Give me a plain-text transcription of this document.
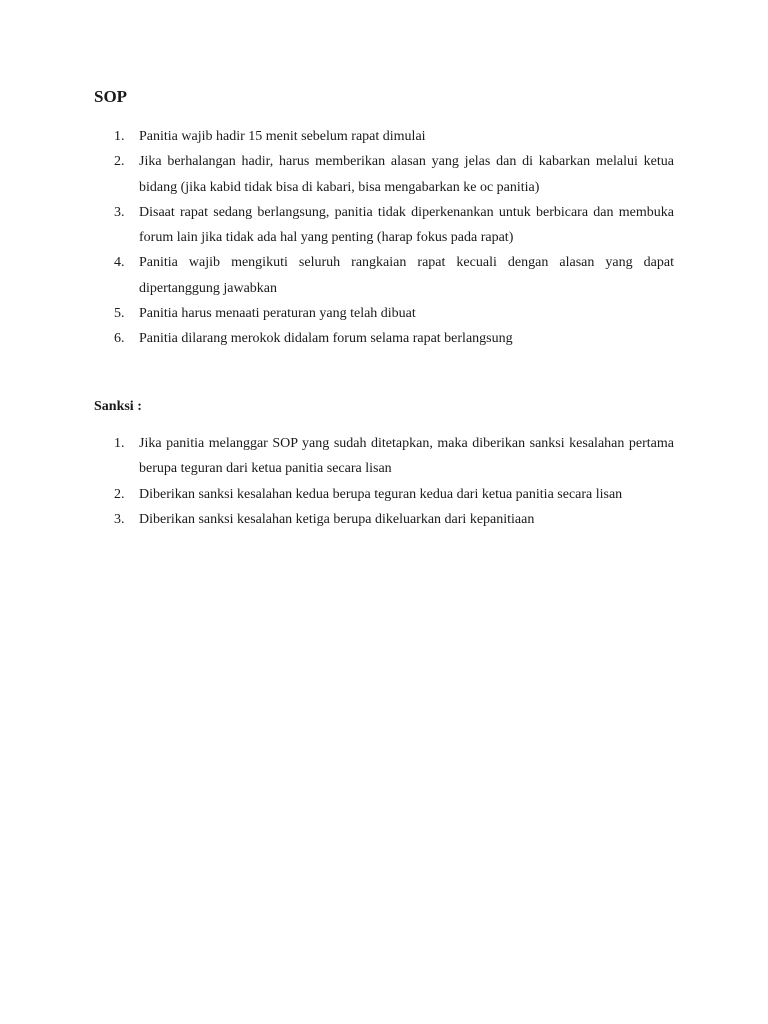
SOP
1.	Panitia wajib hadir 15 menit sebelum rapat dimulai
2.	Jika berhalangan hadir, harus memberikan alasan yang jelas dan di kabarkan melalui ketua bidang (jika kabid tidak bisa di kabari, bisa mengabarkan ke oc panitia)
3.	Disaat rapat sedang berlangsung, panitia tidak diperkenankan untuk berbicara dan membuka forum lain jika tidak ada hal yang penting (harap fokus pada rapat)
4.	Panitia wajib mengikuti seluruh rangkaian rapat kecuali dengan alasan yang dapat dipertanggung jawabkan
5.	Panitia harus menaati peraturan yang telah dibuat
6.	Panitia dilarang merokok didalam forum selama rapat berlangsung
Sanksi :
1.	Jika panitia melanggar SOP yang sudah ditetapkan, maka diberikan sanksi kesalahan pertama berupa teguran dari ketua panitia secara lisan
2.	Diberikan sanksi kesalahan kedua berupa teguran kedua dari ketua panitia secara lisan
3.	Diberikan sanksi kesalahan ketiga berupa dikeluarkan dari kepanitiaan
